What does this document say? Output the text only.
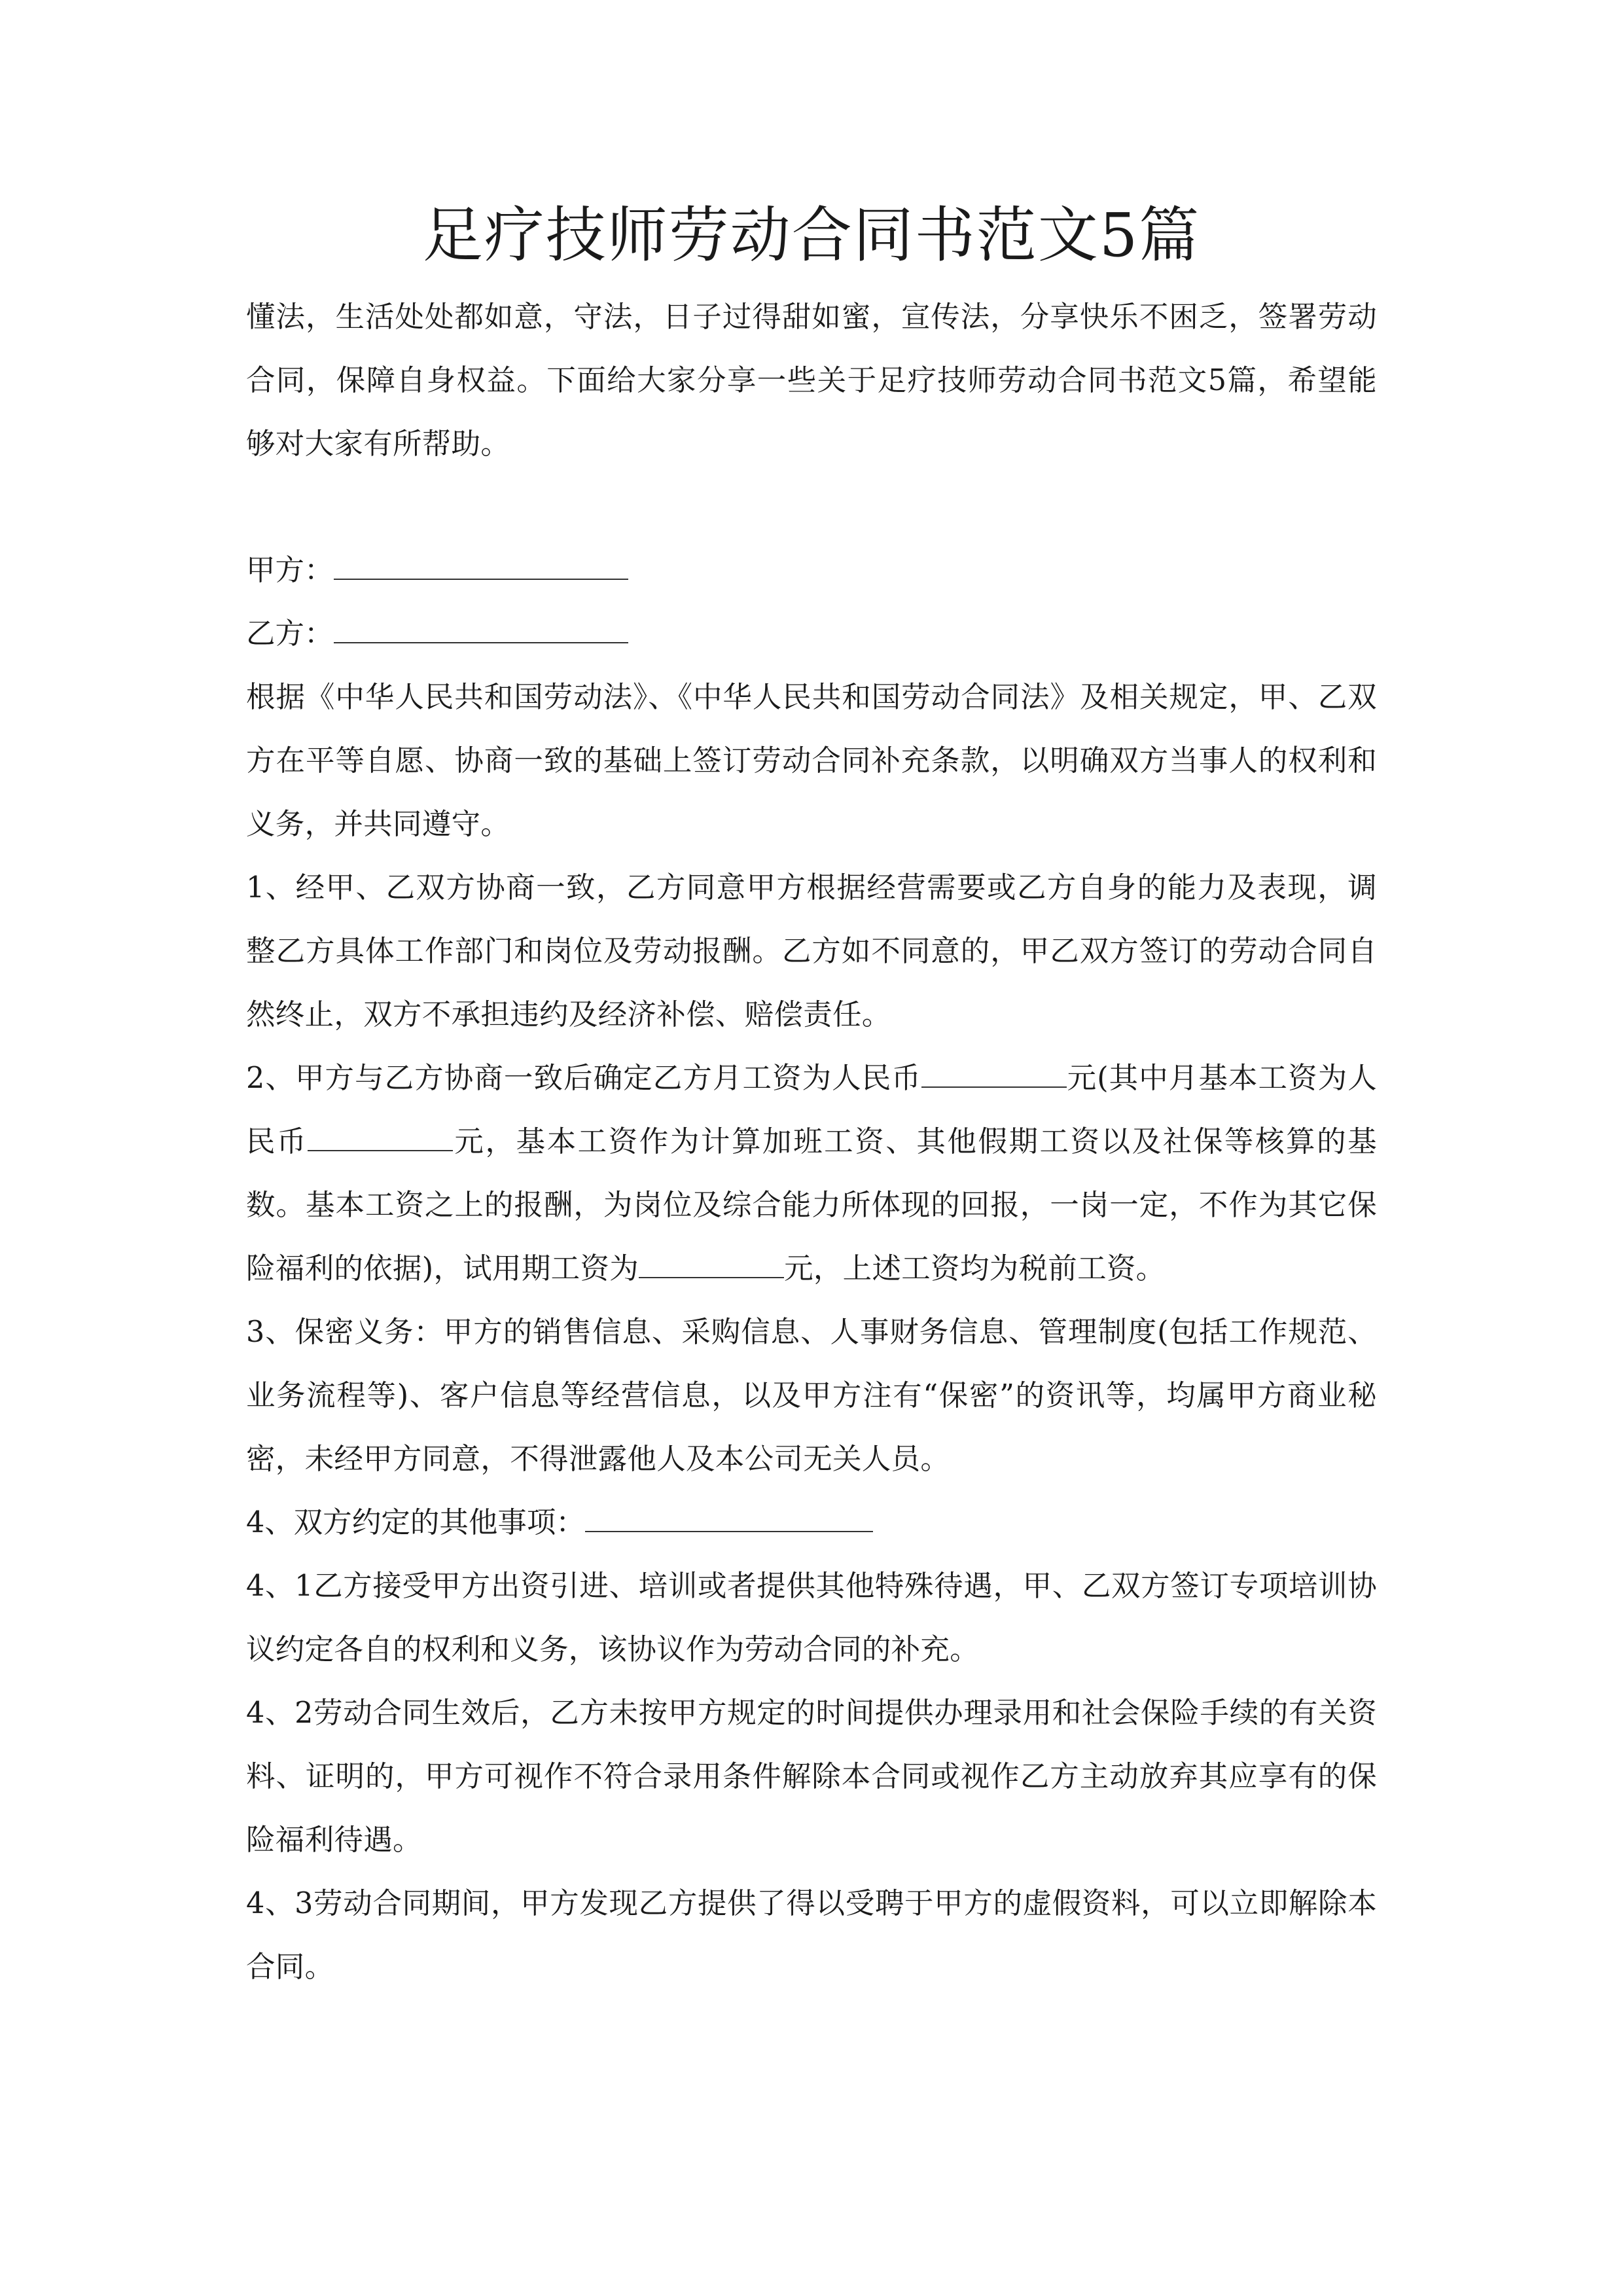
足疗技师劳动合同书范文5篇

懂法，生活处处都如意，守法，日子过得甜如蜜，宣传法，分享快乐不困乏，签署劳动合同，保障自身权益。下面给大家分享一些关于足疗技师劳动合同书范文5篇，希望能够对大家有所帮助。

甲方：

乙方：

根据《中华人民共和国劳动法》、《中华人民共和国劳动合同法》及相关规定，甲、乙双方在平等自愿、协商一致的基础上签订劳动合同补充条款，以明确双方当事人的权利和义务，并共同遵守。

1、经甲、乙双方协商一致，乙方同意甲方根据经营需要或乙方自身的能力及表现，调整乙方具体工作部门和岗位及劳动报酬。乙方如不同意的，甲乙双方签订的劳动合同自然终止，双方不承担违约及经济补偿、赔偿责任。

2、甲方与乙方协商一致后确定乙方月工资为人民币	元(其中月基本工资为人民币	元，基本工资作为计算加班工资、其他假期工资以及社保等核算的基数。基本工资之上的报酬，为岗位及综合能力所体现的回报，一岗一定，不作为其它保险福利的依据)，试用期工资为	元，上述工资均为税前工资。

3、保密义务：甲方的销售信息、采购信息、人事财务信息、管理制度(包括工作规范、业务流程等)、客户信息等经营信息，以及甲方注有“保密”的资讯等，均属甲方商业秘密，未经甲方同意，不得泄露他人及本公司无关人员。

4、双方约定的其他事项：

4、1乙方接受甲方出资引进、培训或者提供其他特殊待遇，甲、乙双方签订专项培训协议约定各自的权利和义务，该协议作为劳动合同的补充。

4、2劳动合同生效后，乙方未按甲方规定的时间提供办理录用和社会保险手续的有关资料、证明的，甲方可视作不符合录用条件解除本合同或视作乙方主动放弃其应享有的保险福利待遇。

4、3劳动合同期间，甲方发现乙方提供了得以受聘于甲方的虚假资料，可以立即解除本合同。
